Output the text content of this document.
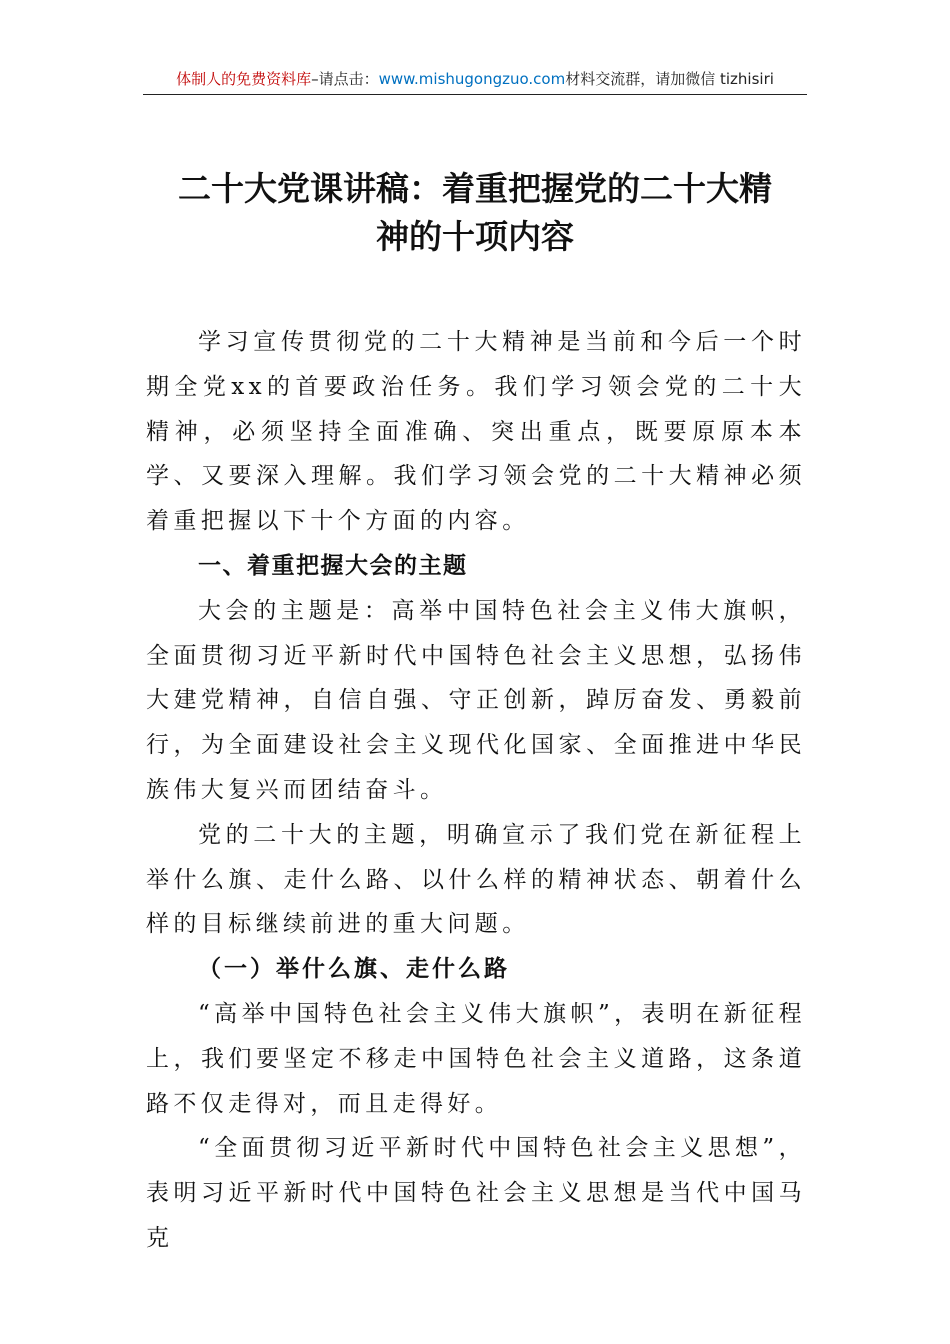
体制人的免费资料库–请点击：www.mishugongzuo.com材料交流群，请加微信 tizhisiri
二十大党课讲稿：着重把握党的二十大精
神的十项内容

学习宣传贯彻党的二十大精神是当前和今后一个时期全党xx的首要政治任务。我们学习领会党的二十大精神，必须坚持全面准确、突出重点，既要原原本本学、又要深入理解。我们学习领会党的二十大精神必须着重把握以下十个方面的内容。

一、着重把握大会的主题

大会的主题是：高举中国特色社会主义伟大旗帜，全面贯彻习近平新时代中国特色社会主义思想，弘扬伟大建党精神，自信自强、守正创新，踔厉奋发、勇毅前行，为全面建设社会主义现代化国家、全面推进中华民族伟大复兴而团结奋斗。

党的二十大的主题，明确宣示了我们党在新征程上举什么旗、走什么路、以什么样的精神状态、朝着什么样的目标继续前进的重大问题。

（一）举什么旗、走什么路

“高举中国特色社会主义伟大旗帜”，表明在新征程上，我们要坚定不移走中国特色社会主义道路，这条道路不仅走得对，而且走得好。

“全面贯彻习近平新时代中国特色社会主义思想”，表明习近平新时代中国特色社会主义思想是当代中国马克
